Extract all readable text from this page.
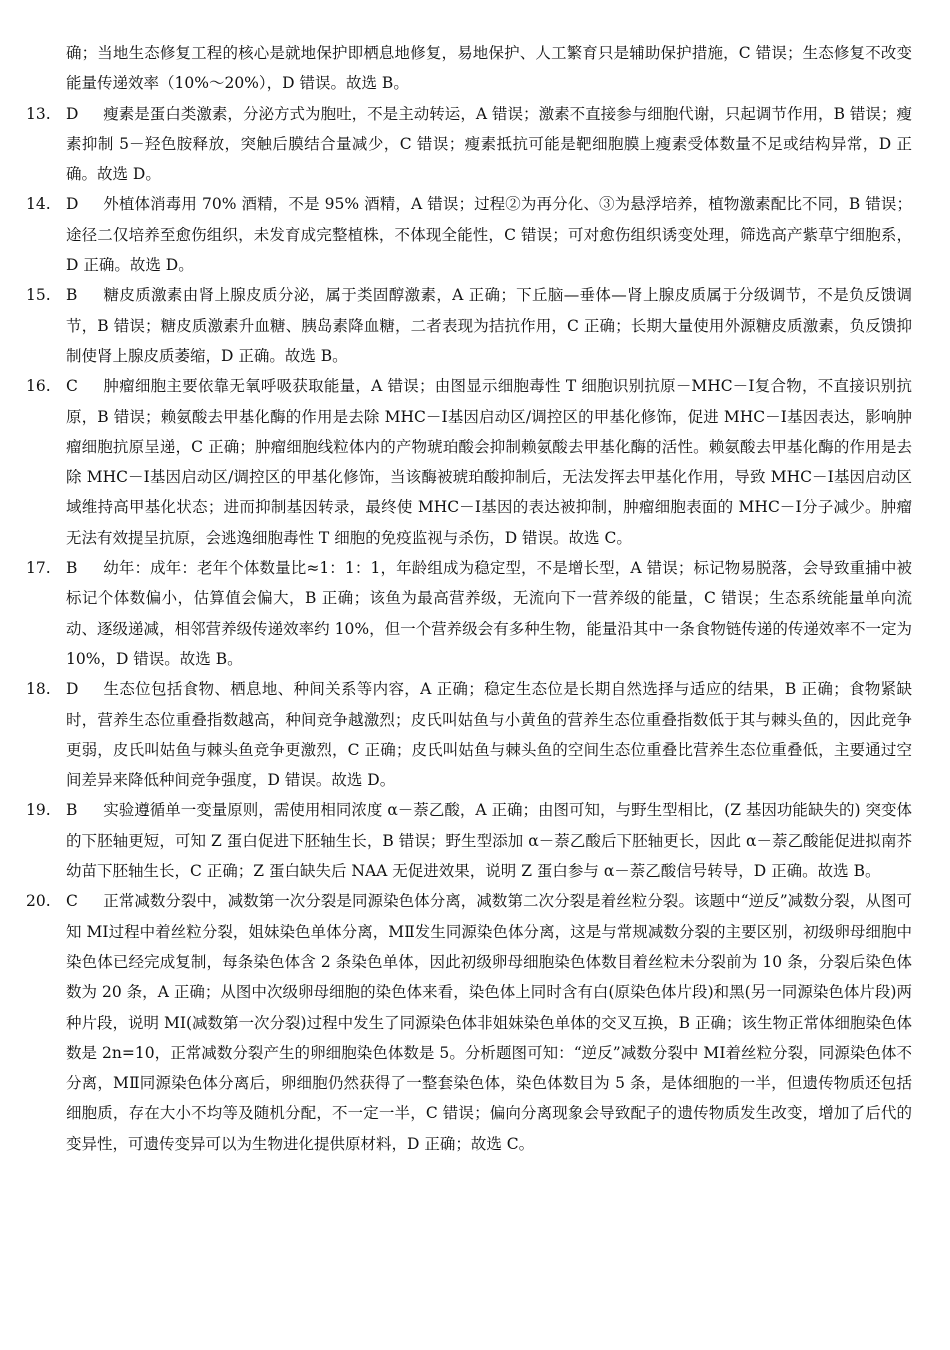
确；当地生态修复工程的核心是就地保护即栖息地修复，易地保护、人工繁育只是辅助保护措施，C 错误；生态修复不改变能量传递效率（10%～20%），D 错误。故选 B。

13. D 瘦素是蛋白类激素，分泌方式为胞吐，不是主动转运，A 错误；激素不直接参与细胞代谢，只起调节作用，B 错误；瘦素抑制 5－羟色胺释放，突触后膜结合量减少，C 错误；瘦素抵抗可能是靶细胞膜上瘦素受体数量不足或结构异常，D 正确。故选 D。
14. D 外植体消毒用 70% 酒精，不是 95% 酒精，A 错误；过程②为再分化、③为悬浮培养，植物激素配比不同，B 错误；途径二仅培养至愈伤组织，未发育成完整植株，不体现全能性，C 错误；可对愈伤组织诱变处理，筛选高产紫草宁细胞系，D 正确。故选 D。
15. B 糖皮质激素由肾上腺皮质分泌，属于类固醇激素，A 正确；下丘脑—垂体—肾上腺皮质属于分级调节，不是负反馈调节，B 错误；糖皮质激素升血糖、胰岛素降血糖，二者表现为拮抗作用，C 正确；长期大量使用外源糖皮质激素，负反馈抑制使肾上腺皮质萎缩，D 正确。故选 B。
16. C 肿瘤细胞主要依靠无氧呼吸获取能量，A 错误；由图显示细胞毒性 T 细胞识别抗原－MHC－Ⅰ复合物，不直接识别抗原，B 错误；赖氨酸去甲基化酶的作用是去除 MHC－Ⅰ基因启动区/调控区的甲基化修饰，促进 MHC－Ⅰ基因表达，影响肿瘤细胞抗原呈递，C 正确；肿瘤细胞线粒体内的产物琥珀酸会抑制赖氨酸去甲基化酶的活性。赖氨酸去甲基化酶的作用是去除 MHC－Ⅰ基因启动区/调控区的甲基化修饰，当该酶被琥珀酸抑制后，无法发挥去甲基化作用，导致 MHC－Ⅰ基因启动区域维持高甲基化状态；进而抑制基因转录，最终使 MHC－Ⅰ基因的表达被抑制，肿瘤细胞表面的 MHC－Ⅰ分子减少。肿瘤无法有效提呈抗原，会逃逸细胞毒性 T 细胞的免疫监视与杀伤，D 错误。故选 C。
17. B 幼年：成年：老年个体数量比≈1：1：1，年龄组成为稳定型，不是增长型，A 错误；标记物易脱落，会导致重捕中被标记个体数偏小，估算值会偏大，B 正确；该鱼为最高营养级，无流向下一营养级的能量，C 错误；生态系统能量单向流动、逐级递减，相邻营养级传递效率约 10%，但一个营养级会有多种生物，能量沿其中一条食物链传递的传递效率不一定为 10%，D 错误。故选 B。
18. D 生态位包括食物、栖息地、种间关系等内容，A 正确；稳定生态位是长期自然选择与适应的结果，B 正确；食物紧缺时，营养生态位重叠指数越高，种间竞争越激烈；皮氏叫姑鱼与小黄鱼的营养生态位重叠指数低于其与棘头鱼的，因此竞争更弱，皮氏叫姑鱼与棘头鱼竞争更激烈，C 正确；皮氏叫姑鱼与棘头鱼的空间生态位重叠比营养生态位重叠低，主要通过空间差异来降低种间竞争强度，D 错误。故选 D。
19. B 实验遵循单一变量原则，需使用相同浓度 α－萘乙酸，A 正确；由图可知，与野生型相比，(Z 基因功能缺失的) 突变体的下胚轴更短，可知 Z 蛋白促进下胚轴生长，B 错误；野生型添加 α－萘乙酸后下胚轴更长，因此 α－萘乙酸能促进拟南芥幼苗下胚轴生长，C 正确；Z 蛋白缺失后 NAA 无促进效果，说明 Z 蛋白参与 α－萘乙酸信号转导，D 正确。故选 B。
20. C 正常减数分裂中，减数第一次分裂是同源染色体分离，减数第二次分裂是着丝粒分裂。该题中“逆反”减数分裂，从图可知 MⅠ过程中着丝粒分裂，姐妹染色单体分离，MⅡ发生同源染色体分离，这是与常规减数分裂的主要区别，初级卵母细胞中染色体已经完成复制，每条染色体含 2 条染色单体，因此初级卵母细胞染色体数目着丝粒未分裂前为 10 条，分裂后染色体数为 20 条，A 正确；从图中次级卵母细胞的染色体来看，染色体上同时含有白(原染色体片段)和黑(另一同源染色体片段)两种片段，说明 MⅠ(减数第一次分裂)过程中发生了同源染色体非姐妹染色单体的交叉互换，B 正确；该生物正常体细胞染色体数是 2n=10，正常减数分裂产生的卵细胞染色体数是 5。分析题图可知：“逆反”减数分裂中 MⅠ着丝粒分裂，同源染色体不分离，MⅡ同源染色体分离后，卵细胞仍然获得了一整套染色体，染色体数目为 5 条，是体细胞的一半，但遗传物质还包括细胞质，存在大小不均等及随机分配，不一定一半，C 错误；偏向分离现象会导致配子的遗传物质发生改变，增加了后代的变异性，可遗传变异可以为生物进化提供原材料，D 正确；故选 C。
